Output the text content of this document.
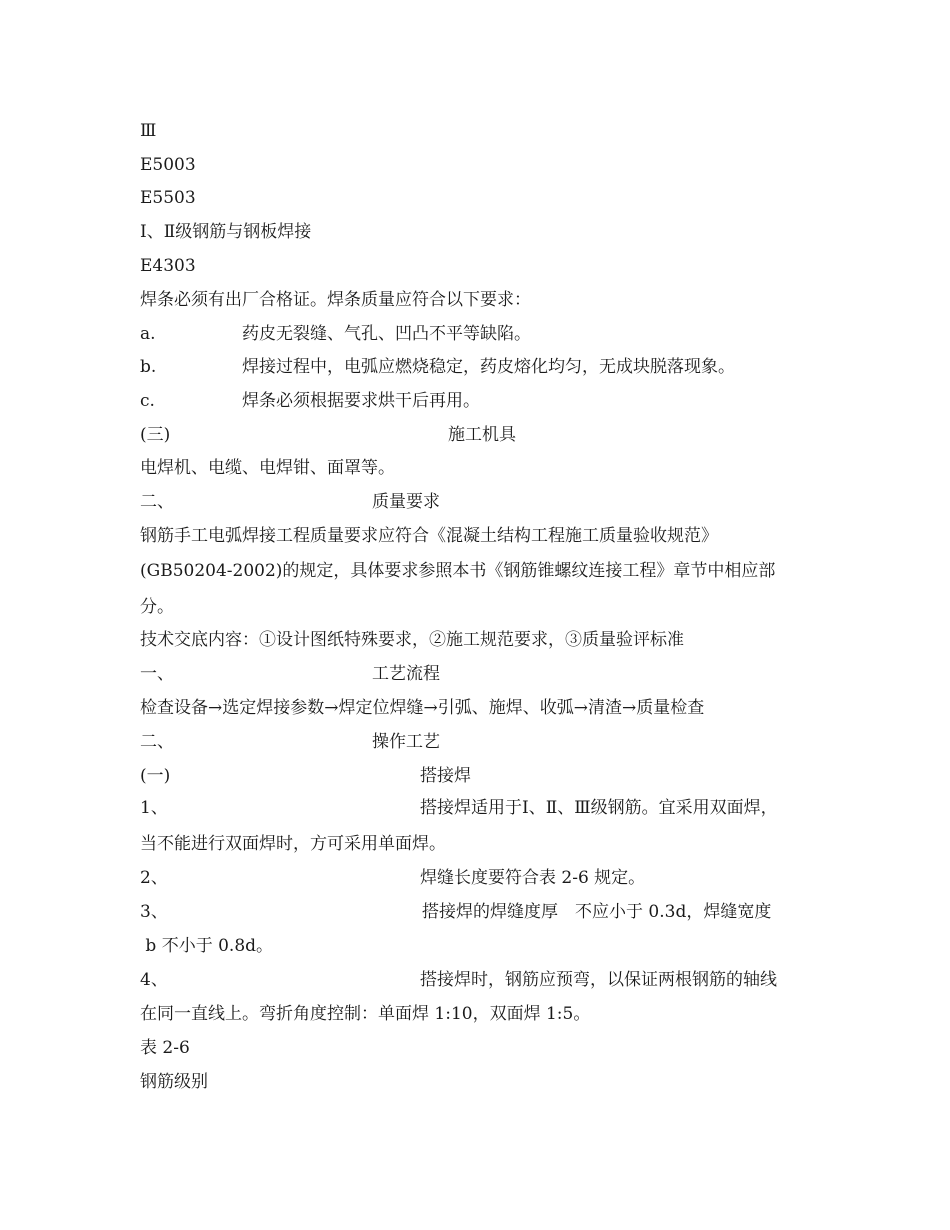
Ⅲ
E5003
E5503
Ⅰ、Ⅱ级钢筋与钢板焊接
E4303
焊条必须有出厂合格证。焊条质量应符合以下要求：
a.	药皮无裂缝、气孔、凹凸不平等缺陷。
b.	焊接过程中，电弧应燃烧稳定，药皮熔化均匀，无成块脱落现象。
c.	焊条必须根据要求烘干后再用。
(三)	施工机具
电焊机、电缆、电焊钳、面罩等。
二、	质量要求
钢筋手工电弧焊接工程质量要求应符合《混凝土结构工程施工质量验收规范》
(GB50204-2002)的规定，具体要求参照本书《钢筋锥螺纹连接工程》章节中相应部
分。
技术交底内容：①设计图纸特殊要求，②施工规范要求，③质量验评标准
一、	工艺流程
检查设备→选定焊接参数→焊定位焊缝→引弧、施焊、收弧→清渣→质量检查
二、	操作工艺
(一)	搭接焊
1、	搭接焊适用于Ⅰ、Ⅱ、Ⅲ级钢筋。宜采用双面焊，
当不能进行双面焊时，方可采用单面焊。
2、	焊缝长度要符合表 2-6 规定。
3、	搭接焊的焊缝度厚　不应小于 0.3d，焊缝宽度
b 不小于 0.8d。
4、	搭接焊时，钢筋应预弯，以保证两根钢筋的轴线
在同一直线上。弯折角度控制：单面焊 1:10，双面焊 1:5。
表 2-6
钢筋级别
